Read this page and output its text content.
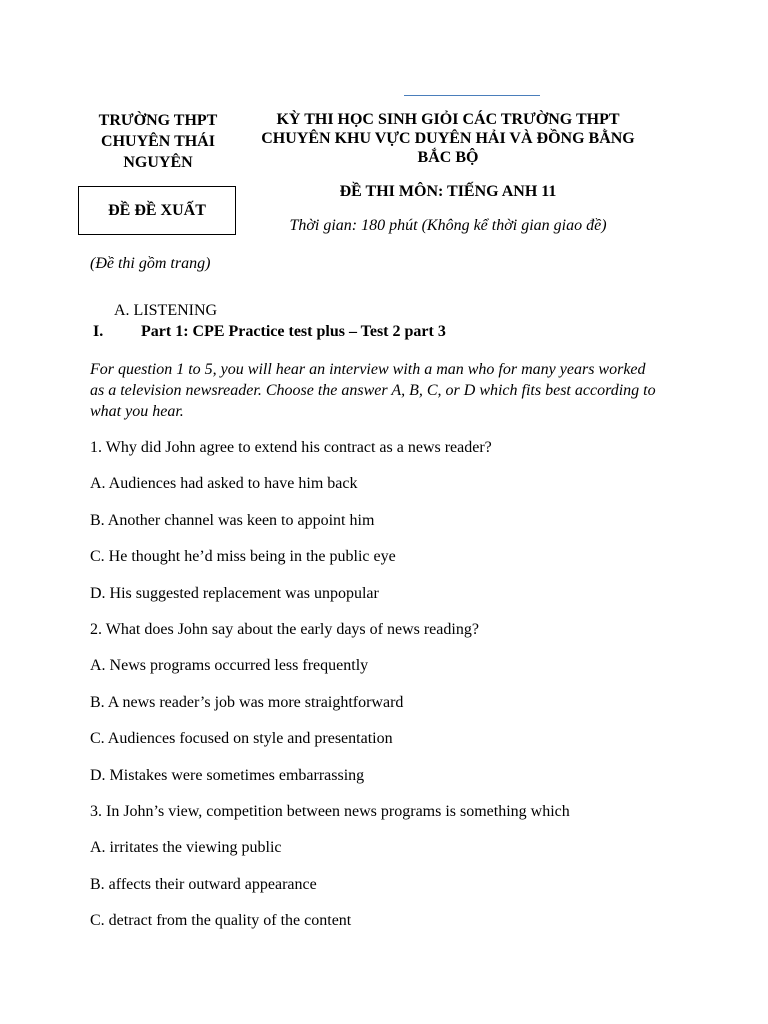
TRƯỜNG THPT CHUYÊN THÁI NGUYÊN
KỲ THI HỌC SINH GIỎI CÁC TRƯỜNG THPT CHUYÊN KHU VỰC DUYÊN HẢI VÀ ĐỒNG BẰNG BẮC BỘ
ĐỀ ĐỀ XUẤT
ĐỀ THI MÔN: TIẾNG ANH 11
Thời gian: 180 phút (Không kể thời gian giao đề)
(Đề thi gồm trang)
A. LISTENING
I. Part 1: CPE Practice test plus – Test 2 part 3
For question 1 to 5, you will hear an interview with a man who for many years worked as a television newsreader. Choose the answer A, B, C, or D which fits best according to what you hear.
1. Why did John agree to extend his contract as a news reader?
A. Audiences had asked to have him back
B. Another channel was keen to appoint him
C. He thought he’d miss being in the public eye
D. His suggested replacement was unpopular
2. What does John say about the early days of news reading?
A. News programs occurred less frequently
B. A news reader’s job was more straightforward
C. Audiences focused on style and presentation
D. Mistakes were sometimes embarrassing
3. In John’s view, competition between news programs is something which
A. irritates the viewing public
B. affects their outward appearance
C. detract from the quality of the content
